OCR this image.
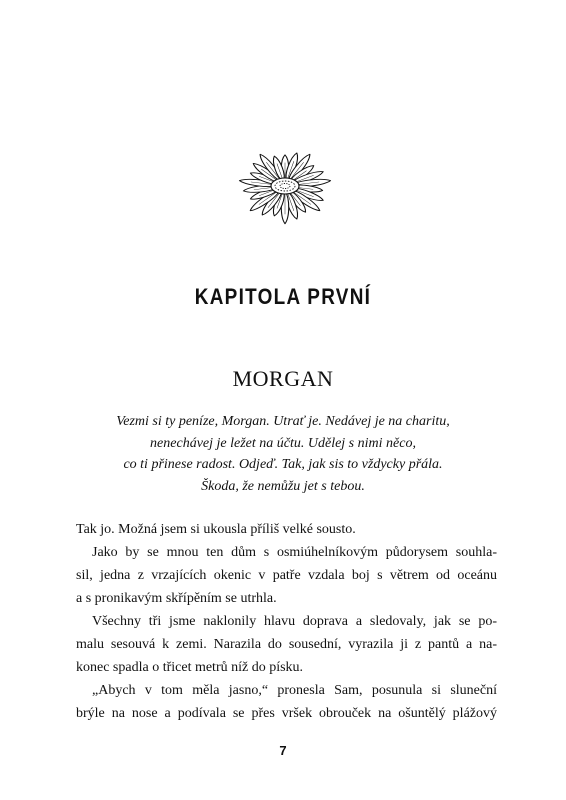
KAPITOLA PRVNÍ
MORGAN
Vezmi si ty peníze, Morgan. Utrať je. Nedávej je na charitu,
nenechávej je ležet na účtu. Udělej s nimi něco,
co ti přinese radost. Odjeď. Tak, jak sis to vždycky přála.
Škoda, že nemůžu jet s tebou.
Tak jo. Možná jsem si ukousla příliš velké sousto.
Jako by se mnou ten dům s osmiúhelníkovým půdorysem souhla-
sil, jedna z vrzajících okenic v patře vzdala boj s větrem od oceánu
a s pronikavým skřípěním se utrhla.
Všechny tři jsme naklonily hlavu doprava a sledovaly, jak se po-
malu sesouvá k zemi. Narazila do sousední, vyrazila ji z pantů a na-
konec spadla o třicet metrů níž do písku.
„Abych v tom měla jasno,“ pronesla Sam, posunula si sluneční
brýle na nose a podívala se přes vršek obrouček na ošuntělý plážový
7
